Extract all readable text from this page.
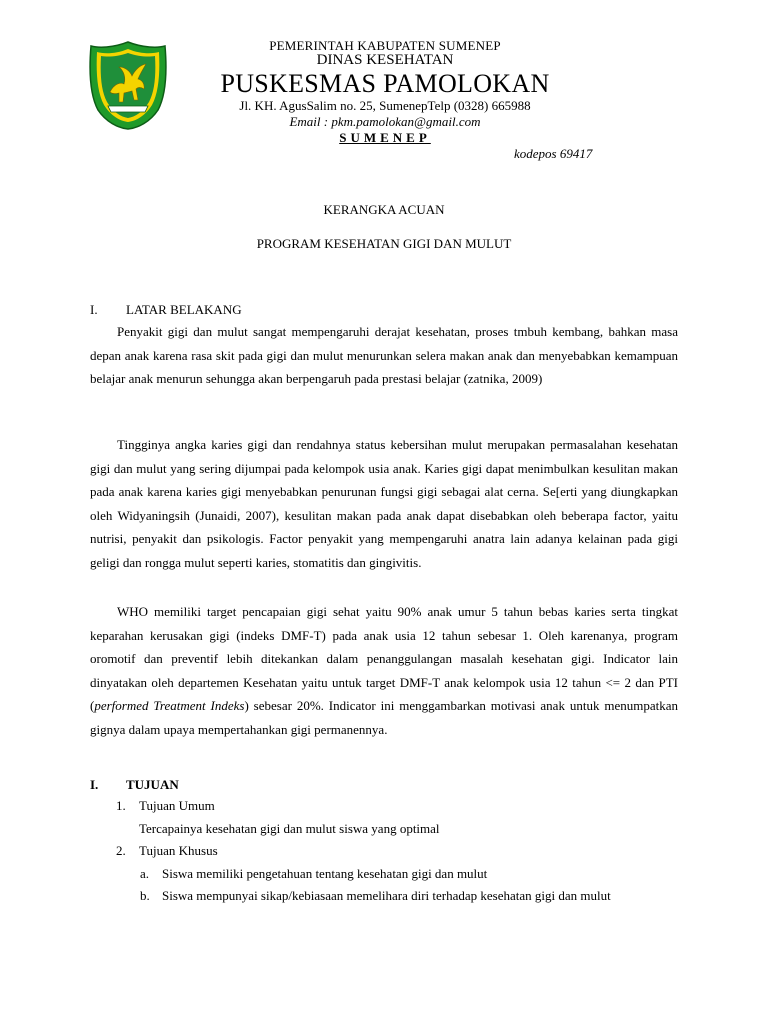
PEMERINTAH KABUPATEN SUMENEP
DINAS KESEHATAN
PUSKESMAS PAMOLOKAN
Jl. KH. AgusSalim no. 25, SumenepTelp (0328) 665988
Email : pkm.pamolokan@gmail.com
SUMENEP
kodepos 69417
KERANGKA ACUAN
PROGRAM KESEHATAN GIGI DAN MULUT
I.	LATAR BELAKANG

Penyakit gigi dan mulut sangat mempengaruhi derajat kesehatan, proses tmbuh kembang, bahkan masa depan anak karena rasa skit pada gigi dan mulut menurunkan selera makan anak dan menyebabkan kemampuan belajar anak menurun sehungga akan berpengaruh pada prestasi belajar (zatnika, 2009)

Tingginya angka karies gigi dan rendahnya status kebersihan mulut merupakan permasalahan kesehatan gigi dan mulut yang sering dijumpai pada kelompok usia anak. Karies gigi dapat menimbulkan kesulitan makan pada anak karena karies gigi menyebabkan penurunan fungsi gigi sebagai alat cerna. Se[erti yang diungkapkan oleh Widyaningsih (Junaidi, 2007), kesulitan makan pada anak dapat disebabkan oleh beberapa factor, yaitu nutrisi, penyakit dan psikologis. Factor penyakit yang mempengaruhi anatra lain adanya kelainan pada gigi geligi dan rongga mulut seperti karies, stomatitis dan gingivitis.

WHO memiliki target pencapaian gigi sehat yaitu 90% anak umur 5 tahun bebas karies serta tingkat keparahan kerusakan gigi (indeks DMF-T) pada anak usia 12 tahun sebesar 1. Oleh karenanya, program oromotif dan preventif lebih ditekankan dalam penanggulangan masalah kesehatan gigi. Indicator lain dinyatakan oleh departemen Kesehatan yaitu untuk target DMF-T anak kelompok usia 12 tahun <= 2 dan PTI (performed Treatment Indeks) sebesar 20%. Indicator ini menggambarkan motivasi anak untuk menumpatkan gignya dalam upaya mempertahankan gigi permanennya.

I.	TUJUAN
1.	Tujuan Umum
Tercapainya kesehatan gigi dan mulut siswa yang optimal
2.	Tujuan Khusus
a. Siswa memiliki pengetahuan tentang kesehatan gigi dan mulut
b. Siswa mempunyai sikap/kebiasaan memelihara diri terhadap kesehatan gigi dan mulut
